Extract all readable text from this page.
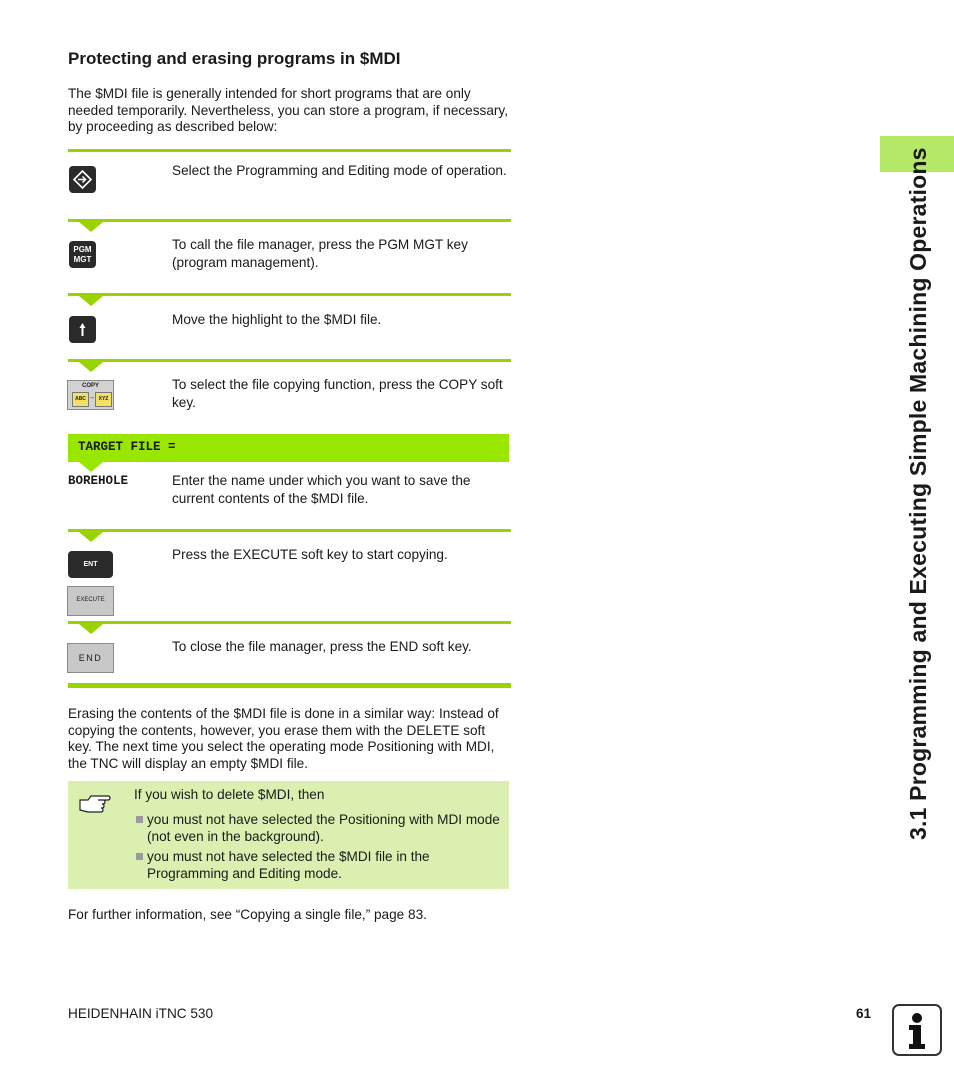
3.1 Programming and Executing Simple Machining Operations
Protecting and erasing programs in $MDI
The $MDI file is generally intended for short programs that are only needed temporarily. Nevertheless, you can store a program, if necessary, by proceeding as described below:
Select the Programming and Editing mode of operation.
PGM
MGT
To call the file manager, press the PGM MGT key (program management).
Move the highlight to the $MDI file.
COPY
ABC → XYZ
To select the file copying function, press the COPY soft key.
TARGET FILE =
BOREHOLE	Enter the name under which you want to save the current contents of the $MDI file.
ENT
EXECUTE
Press the EXECUTE soft key to start copying.
END
To close the file manager, press the END soft key.
Erasing the contents of the $MDI file is done in a similar way: Instead of copying the contents, however, you erase them with the DELETE soft key. The next time you select the operating mode Positioning with MDI, the TNC will display an empty $MDI file.
If you wish to delete $MDI, then
you must not have selected the Positioning with MDI mode (not even in the background).
you must not have selected the $MDI file in the Programming and Editing mode.
For further information, see “Copying a single file,” page 83.
HEIDENHAIN iTNC 530	61
